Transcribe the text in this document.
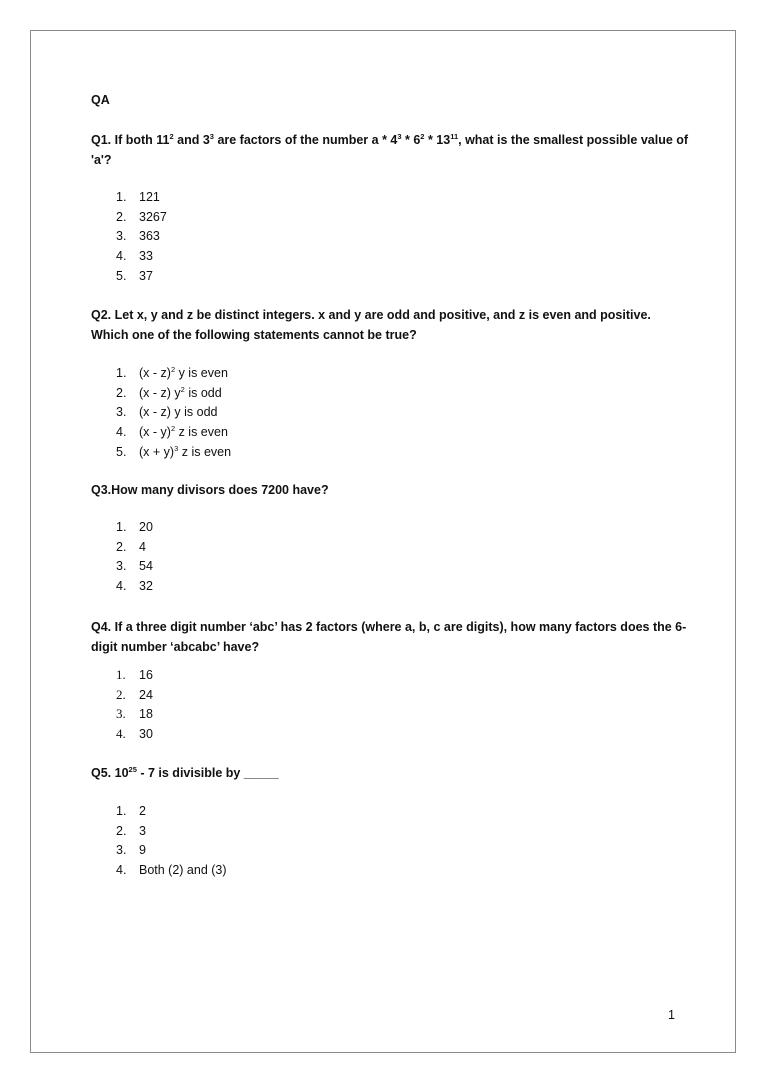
QA

Q1. If both $11^2$ and $3^3$ are factors of the number a * $4^3 * 6^2 * 13^{11}$, what is the smallest possible value of 'a'?

1. 121
2. 3267
3. 363
4. 33
5. 37

Q2. Let x, y and z be distinct integers. x and y are odd and positive, and z is even and positive. Which one of the following statements cannot be true?

1. (x - z)$^2$ y is even
2. (x - z) $y^2$ is odd
3. (x - z) y is odd
4. (x - y)$^2$ z is even
5. $(x + y)^3$ z is even

Q3.How many divisors does 7200 have?

1. 20
2. 4
3. 54
4. 32

Q4. If a three digit number ‘abc’ has 2 factors (where a, b, c are digits), how many factors does the 6-digit number ‘abcabc’ have?

1. 16
2. 24
3. 18
4. 30

Q5. $10^{25} - 7$ is divisible by _____

1. 2
2. 3
3. 9
4. Both (2) and (3)
1
